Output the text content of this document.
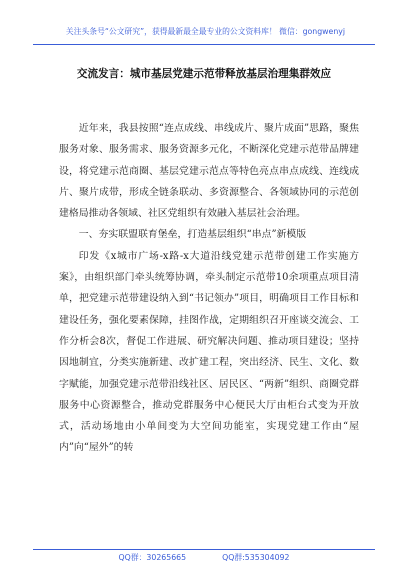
关注头条号“公文研究”，获得最新最全最专业的公文资料库！ 微信：gongwenyj
交流发言：城市基层党建示范带释放基层治理集群效应

近年来，我县按照“连点成线、串线成片、聚片成面”思路，聚焦服务对象、服务需求、服务资源多元化，不断深化党建示范带品牌建设，将党建示范商圈、基层党建示范点等特色亮点串点成线、连线成片、聚片成带，形成全链条联动、多资源整合、各领域协同的示范创建格局推动各领域、社区党组织有效融入基层社会治理。

一、夯实联盟联育堡垒，打造基层组织“串点”新模版

印发《x城市广场-x路-x大道沿线党建示范带创建工作实施方案》，由组织部门牵头统筹协调，牵头制定示范带10余项重点项目清单，把党建示范带建设纳入到“书记领办”项目，明确项目工作目标和建设任务，强化要素保障，挂图作战，定期组织召开座谈交流会、工作分析会8次，督促工作进展、研究解决问题、推动项目建设；坚持因地制宜，分类实施新建、改扩建工程，突出经济、民生、文化、数字赋能，加强党建示范带沿线社区、居民区、“两新”组织、商圈党群服务中心资源整合，推动党群服务中心便民大厅由柜台式变为开放式，活动场地由小单间变为大空间功能室，实现党建工作由“屋内”向“屋外”的转

QQ群：30265665	QQ群:535304092
